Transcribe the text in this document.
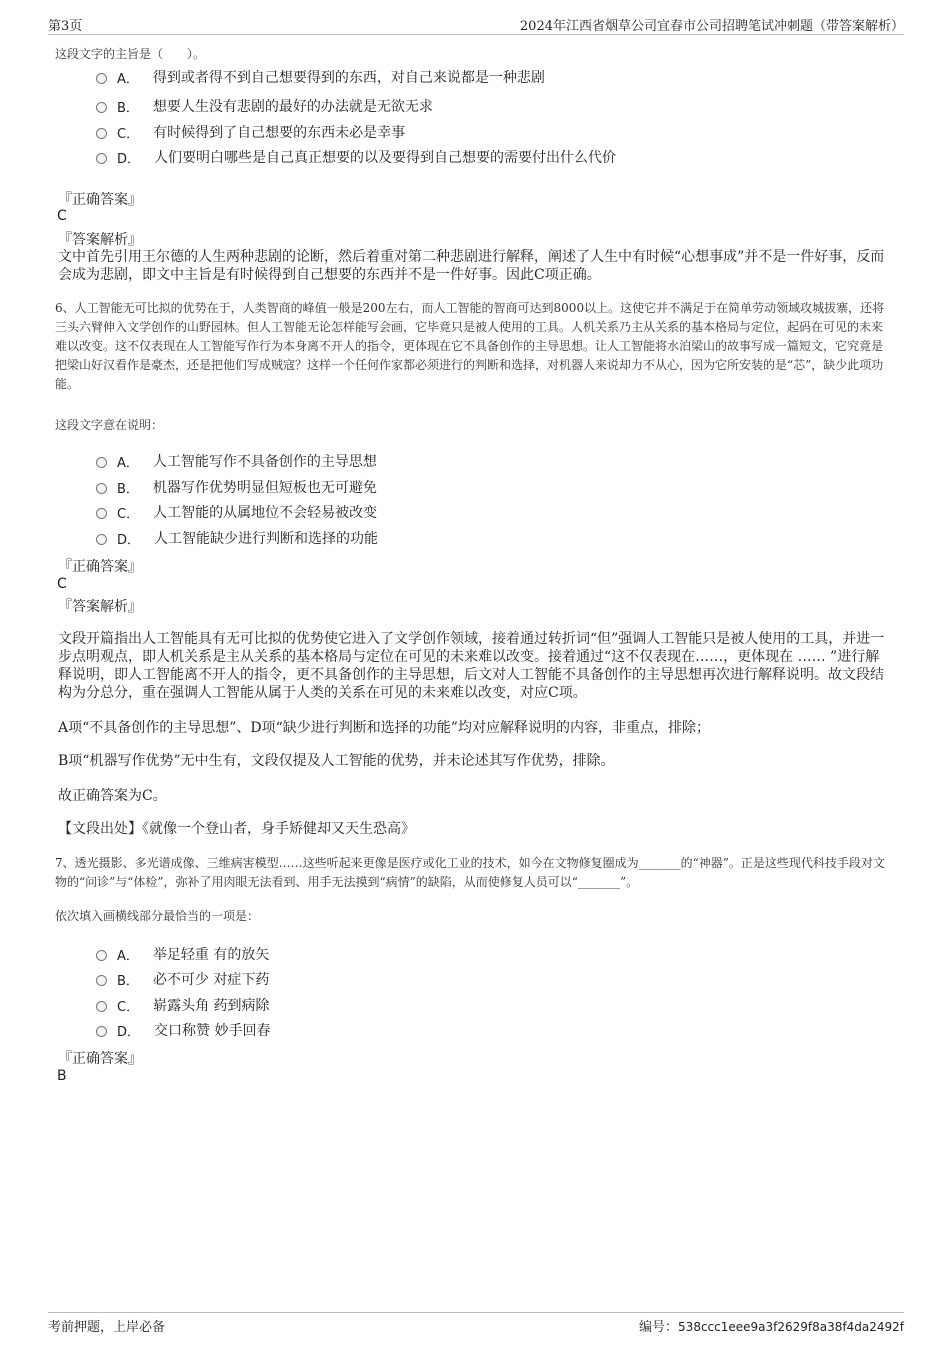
第3页	2024年江西省烟草公司宜春市公司招聘笔试冲刺题（带答案解析）
这段文字的主旨是（　　）。
A． 得到或者得不到自己想要得到的东西，对自己来说都是一种悲剧
B． 想要人生没有悲剧的最好的办法就是无欲无求
C． 有时候得到了自己想要的东西未必是幸事
D． 人们要明白哪些是自己真正想要的以及要得到自己想要的需要付出什么代价
『正确答案』
C
『答案解析』
文中首先引用王尔德的人生两种悲剧的论断，然后着重对第二种悲剧进行解释，阐述了人生中有时候“心想事成”并不是一件好事，反而会成为悲剧，即文中主旨是有时候得到自己想要的东西并不是一件好事。因此C项正确。
6、人工智能无可比拟的优势在于，人类智商的峰值一般是200左右，而人工智能的智商可达到8000以上。这使它并不满足于在简单劳动领域攻城拔寨，还将三头六臂伸入文学创作的山野园林。但人工智能无论怎样能写会画，它毕竟只是被人使用的工具。人机关系乃主从关系的基本格局与定位，起码在可见的未来难以改变。这不仅表现在人工智能写作行为本身离不开人的指令，更体现在它不具备创作的主导思想。让人工智能将水泊梁山的故事写成一篇短文，它究竟是把梁山好汉看作是豪杰，还是把他们写成贼寇？这样一个任何作家都必须进行的判断和选择，对机器人来说却力不从心，因为它所安装的是“芯”，缺少此项功能。
这段文字意在说明：
A． 人工智能写作不具备创作的主导思想
B． 机器写作优势明显但短板也无可避免
C． 人工智能的从属地位不会轻易被改变
D． 人工智能缺少进行判断和选择的功能
『正确答案』
C
『答案解析』
文段开篇指出人工智能具有无可比拟的优势使它进入了文学创作领域，接着通过转折词“但”强调人工智能只是被人使用的工具，并进一步点明观点，即人机关系是主从关系的基本格局与定位在可见的未来难以改变。接着通过“这不仅表现在……，更体现在 …… ”进行解释说明，即人工智能离不开人的指令，更不具备创作的主导思想，后文对人工智能不具备创作的主导思想再次进行解释说明。故文段结构为分总分，重在强调人工智能从属于人类的关系在可见的未来难以改变，对应C项。
A项“不具备创作的主导思想”、D项“缺少进行判断和选择的功能”均对应解释说明的内容，非重点，排除；
B项“机器写作优势”无中生有，文段仅提及人工智能的优势，并未论述其写作优势，排除。
故正确答案为C。
【文段出处】《就像一个登山者，身手矫健却又天生恐高》
7、透光摄影、多光谱成像、三维病害模型……这些听起来更像是医疗或化工业的技术，如今在文物修复圈成为_______的“神器”。正是这些现代科技手段对文物的“问诊”与“体检”，弥补了用肉眼无法看到、用手无法摸到“病情”的缺陷，从而使修复人员可以“_______”。
依次填入画横线部分最恰当的一项是：
A． 举足轻重 有的放矢
B． 必不可少 对症下药
C． 崭露头角 药到病除
D． 交口称赞 妙手回春
『正确答案』
B
考前押题，上岸必备	编号：538ccc1eee9a3f2629f8a38f4da2492f
